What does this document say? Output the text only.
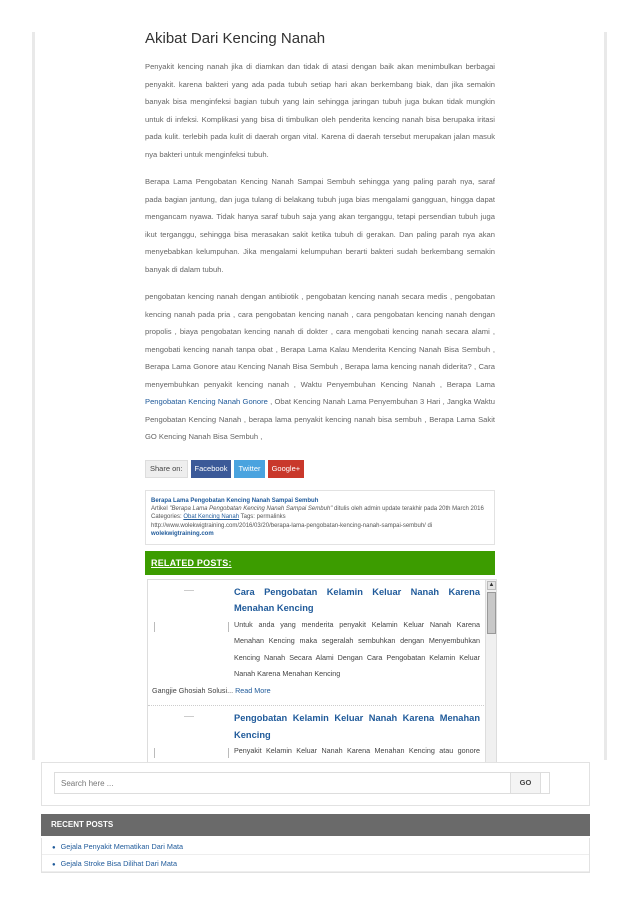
Akibat Dari Kencing Nanah

Penyakit kencing nanah jika di diamkan dan tidak di atasi dengan baik akan menimbulkan berbagai penyakit. karena bakteri yang ada pada tubuh setiap hari akan berkembang biak, dan jika semakin banyak bisa menginfeksi bagian tubuh yang lain sehingga jaringan tubuh juga bukan tidak mungkin untuk di infeksi. Komplikasi yang bisa di timbulkan oleh penderita kencing nanah bisa berupaka iritasi pada kulit. terlebih pada kulit di daerah organ vital. Karena di daerah tersebut merupakan jalan masuk nya bakteri untuk menginfeksi tubuh.

Berapa Lama Pengobatan Kencing Nanah Sampai Sembuh sehingga yang paling parah nya, saraf pada bagian jantung, dan juga tulang di belakang tubuh juga bias mengalami gangguan, hingga dapat mengancam nyawa. Tidak hanya saraf tubuh saja yang akan terganggu, tetapi persendian tubuh juga ikut terganggu, sehingga bisa merasakan sakit ketika tubuh di gerakan. Dan paling parah nya akan menyebabkan kelumpuhan. Jika mengalami kelumpuhan berarti bakteri sudah berkembang semakin banyak di dalam tubuh.

pengobatan kencing nanah dengan antibiotik , pengobatan kencing nanah secara medis , pengobatan kencing nanah pada pria , cara pengobatan kencing nanah , cara pengobatan kencing nanah dengan propolis , biaya pengobatan kencing nanah di dokter , cara mengobati kencing nanah secara alami , mengobati kencing nanah tanpa obat , Berapa Lama Kalau Menderita Kencing Nanah Bisa Sembuh , Berapa Lama Gonore atau Kencing Nanah Bisa Sembuh , Berapa lama kencing nanah diderita? , Cara menyembuhkan penyakit kencing nanah , Waktu Penyembuhan Kencing Nanah , Berapa Lama Pengobatan Kencing Nanah Gonore , Obat Kencing Nanah Lama Penyembuhan 3 Hari , Jangka Waktu Pengobatan Kencing Nanah , berapa lama penyakit kencing nanah bisa sembuh , Berapa Lama Sakit GO Kencing Nanah Bisa Sembuh ,

Share on:	Facebook	Twitter	Google+
Berapa Lama Pengobatan Kencing Nanah Sampai Sembuh
Artikel "Berapa Lama Pengobatan Kencing Nanah Sampai Sembuh" ditulis oleh admin update terakhir pada 20th March 2016 Categories: Obat Kencing Nanah Tags: permalinks
http://www.wolekwigtraining.com/2016/03/20/berapa-lama-pengobatan-kencing-nanah-sampai-sembuh/ di
wolekwigtraining.com
RELATED POSTS:
Cara Pengobatan Kelamin Keluar Nanah Karena Menahan Kencing
Untuk anda yang menderita penyakit Kelamin Keluar Nanah Karena Menahan Kencing maka segeralah sembuhkan dengan Menyembuhkan Kencing Nanah Secara Alami Dengan Cara Pengobatan Kelamin Keluar Nanah Karena Menahan Kencing
Gangjie Ghosiah Solusi... Read More
Pengobatan Kelamin Keluar Nanah Karena Menahan Kencing
Penyakit Kelamin Keluar Nanah Karena Menahan Kencing atau gonore
▲
Search here ...
GO
RECENT POSTS
● Gejala Penyakit Mematikan Dari Mata
● Gejala Stroke Bisa Dilihat Dari Mata
